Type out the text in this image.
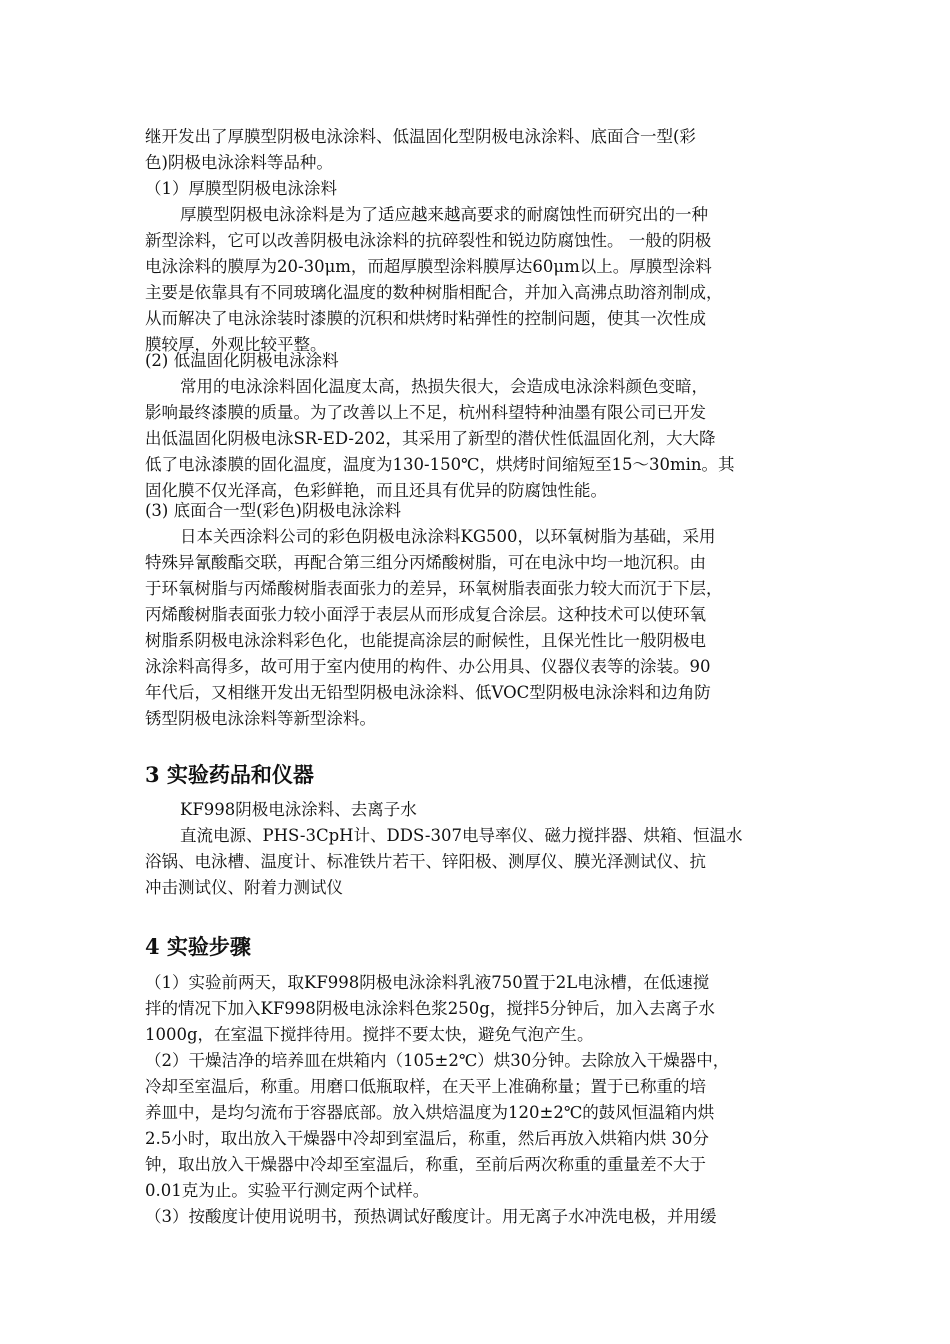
继开发出了厚膜型阴极电泳涂料、低温固化型阴极电泳涂料、底面合一型(彩
色)阴极电泳涂料等品种。
（1）厚膜型阴极电泳涂料
厚膜型阴极电泳涂料是为了适应越来越高要求的耐腐蚀性而研究出的一种
新型涂料，它可以改善阴极电泳涂料的抗碎裂性和锐边防腐蚀性。 一般的阴极
电泳涂料的膜厚为20-30μm，而超厚膜型涂料膜厚达60μm以上。厚膜型涂料
主要是依靠具有不同玻璃化温度的数种树脂相配合，并加入高沸点助溶剂制成，
从而解决了电泳涂装时漆膜的沉积和烘烤时粘弹性的控制问题，使其一次性成
膜较厚，外观比较平整。
(2) 低温固化阴极电泳涂料
常用的电泳涂料固化温度太高，热损失很大，会造成电泳涂料颜色变暗，
影响最终漆膜的质量。为了改善以上不足，杭州科望特种油墨有限公司已开发
出低温固化阴极电泳SR-ED-202，其采用了新型的潜伏性低温固化剂，大大降
低了电泳漆膜的固化温度，温度为130-150℃，烘烤时间缩短至15～30min。其
固化膜不仅光泽高，色彩鲜艳，而且还具有优异的防腐蚀性能。
(3) 底面合一型(彩色)阴极电泳涂料
日本关西涂料公司的彩色阴极电泳涂料KG500，以环氧树脂为基础，采用
特殊异氰酸酯交联，再配合第三组分丙烯酸树脂，可在电泳中均一地沉积。由
于环氧树脂与丙烯酸树脂表面张力的差异，环氧树脂表面张力较大而沉于下层，
丙烯酸树脂表面张力较小面浮于表层从而形成复合涂层。这种技术可以使环氧
树脂系阴极电泳涂料彩色化，也能提高涂层的耐候性，且保光性比一般阴极电
泳涂料高得多，故可用于室内使用的构件、办公用具、仪器仪表等的涂装。90
年代后，又相继开发出无铅型阴极电泳涂料、低VOC型阴极电泳涂料和边角防
锈型阴极电泳涂料等新型涂料。
3 实验药品和仪器
KF998阴极电泳涂料、去离子水
直流电源、PHS-3CpH计、DDS-307电导率仪、磁力搅拌器、烘箱、恒温水
浴锅、电泳槽、温度计、标准铁片若干、锌阳极、测厚仪、膜光泽测试仪、抗
冲击测试仪、附着力测试仪
4 实验步骤
（1）实验前两天，取KF998阴极电泳涂料乳液750置于2L电泳槽，在低速搅
拌的情况下加入KF998阴极电泳涂料色浆250g，搅拌5分钟后，加入去离子水
1000g，在室温下搅拌待用。搅拌不要太快，避免气泡产生。
（2）干燥洁净的培养皿在烘箱内（105±2℃）烘30分钟。去除放入干燥器中，
冷却至室温后，称重。用磨口低瓶取样，在天平上准确称量；置于已称重的培
养皿中，是均匀流布于容器底部。放入烘焙温度为120±2℃的鼓风恒温箱内烘
2.5小时，取出放入干燥器中冷却到室温后，称重，然后再放入烘箱内烘 30分
钟，取出放入干燥器中冷却至室温后，称重，至前后两次称重的重量差不大于
0.01克为止。实验平行测定两个试样。
（3）按酸度计使用说明书，预热调试好酸度计。用无离子水冲洗电极，并用缓
